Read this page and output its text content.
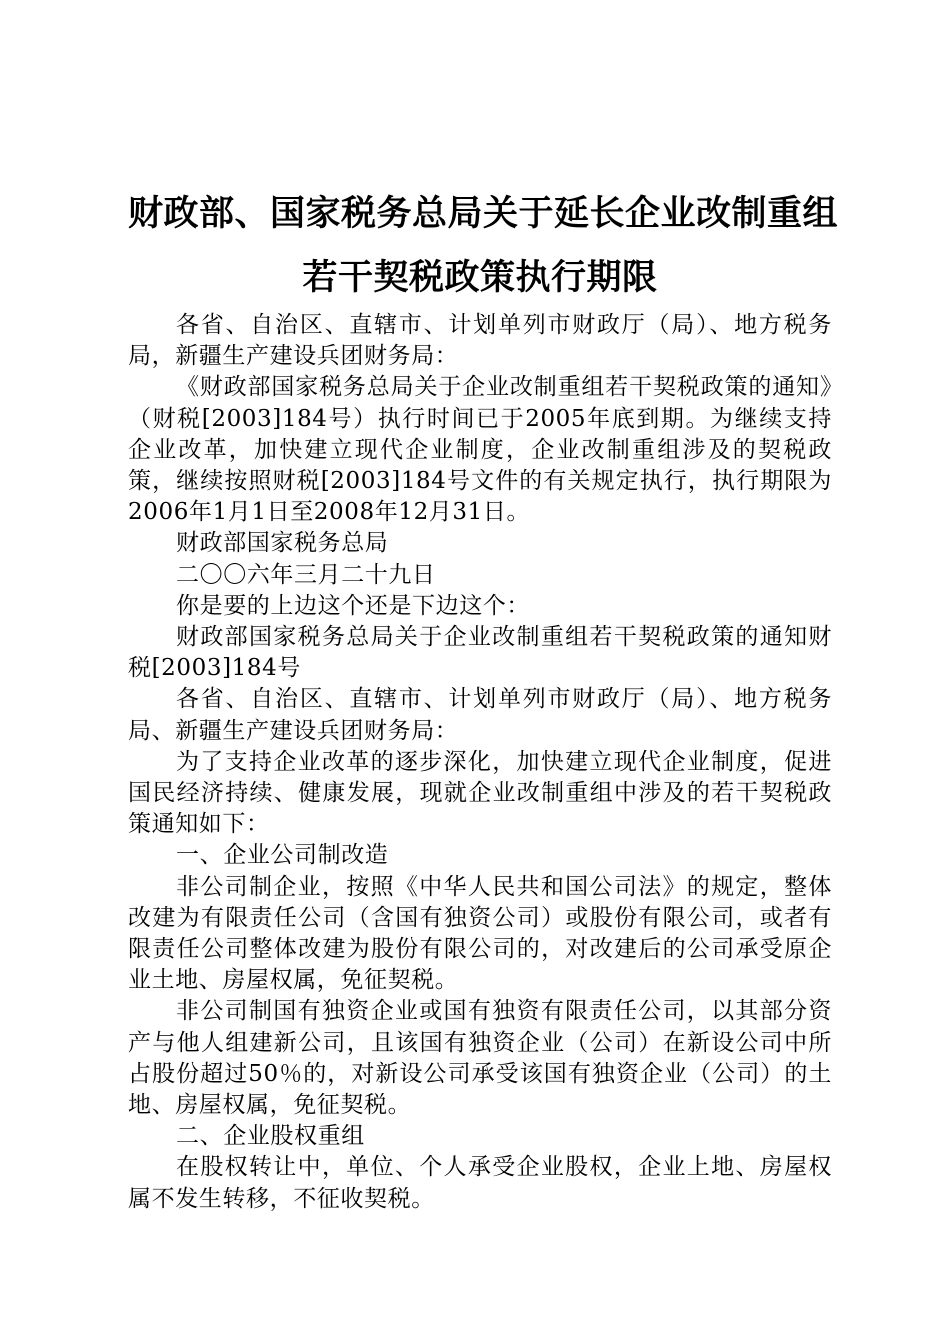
财政部、国家税务总局关于延长企业改制重组
若干契税政策执行期限

各省、自治区、直辖市、计划单列市财政厅（局）、地方税务局，新疆生产建设兵团财务局：

《财政部国家税务总局关于企业改制重组若干契税政策的通知》（财税[2003]184号）执行时间已于2005年底到期。为继续支持企业改革，加快建立现代企业制度，企业改制重组涉及的契税政策，继续按照财税[2003]184号文件的有关规定执行，执行期限为2006年1月1日至2008年12月31日。

财政部国家税务总局

二〇〇六年三月二十九日

你是要的上边这个还是下边这个：

财政部国家税务总局关于企业改制重组若干契税政策的通知财税[2003]184号

各省、自治区、直辖市、计划单列市财政厅（局）、地方税务局、新疆生产建设兵团财务局：

为了支持企业改革的逐步深化，加快建立现代企业制度，促进国民经济持续、健康发展，现就企业改制重组中涉及的若干契税政策通知如下：

一、企业公司制改造

非公司制企业，按照《中华人民共和国公司法》的规定，整体改建为有限责任公司（含国有独资公司）或股份有限公司，或者有限责任公司整体改建为股份有限公司的，对改建后的公司承受原企业土地、房屋权属，免征契税。

非公司制国有独资企业或国有独资有限责任公司，以其部分资产与他人组建新公司，且该国有独资企业（公司）在新设公司中所占股份超过50％的，对新设公司承受该国有独资企业（公司）的土地、房屋权属，免征契税。

二、企业股权重组

在股权转让中，单位、个人承受企业股权，企业上地、房屋权属不发生转移，不征收契税。
